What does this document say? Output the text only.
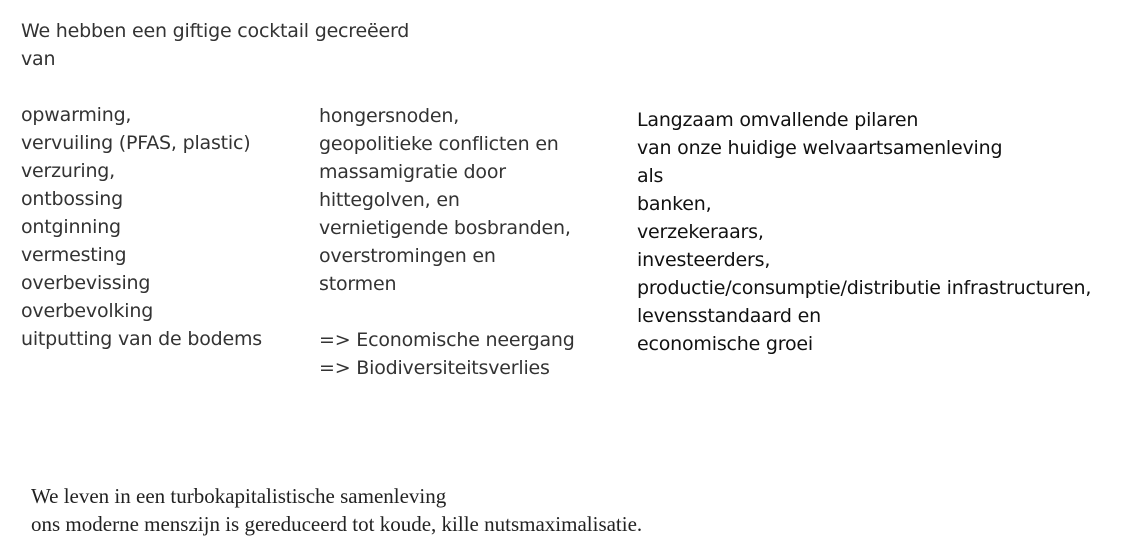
We hebben een giftige cocktail gecreëerd
van
opwarming,
vervuiling (PFAS, plastic)
verzuring,
ontbossing
ontginning
vermesting
overbevissing
overbevolking
uitputting van de bodems
hongersnoden,
geopolitieke conflicten en
massamigratie door
hittegolven, en
vernietigende bosbranden,
overstromingen en
stormen
=> Economische neergang
=> Biodiversiteitsverlies
Langzaam omvallende pilaren
van onze huidige welvaartsamenleving
als
banken,
verzekeraars,
investeerders,
productie/consumptie/distributie infrastructuren,
levensstandaard en
economische groei
We leven in een turbokapitalistische samenleving
ons moderne menszijn is gereduceerd tot koude, kille nutsmaximalisatie.
